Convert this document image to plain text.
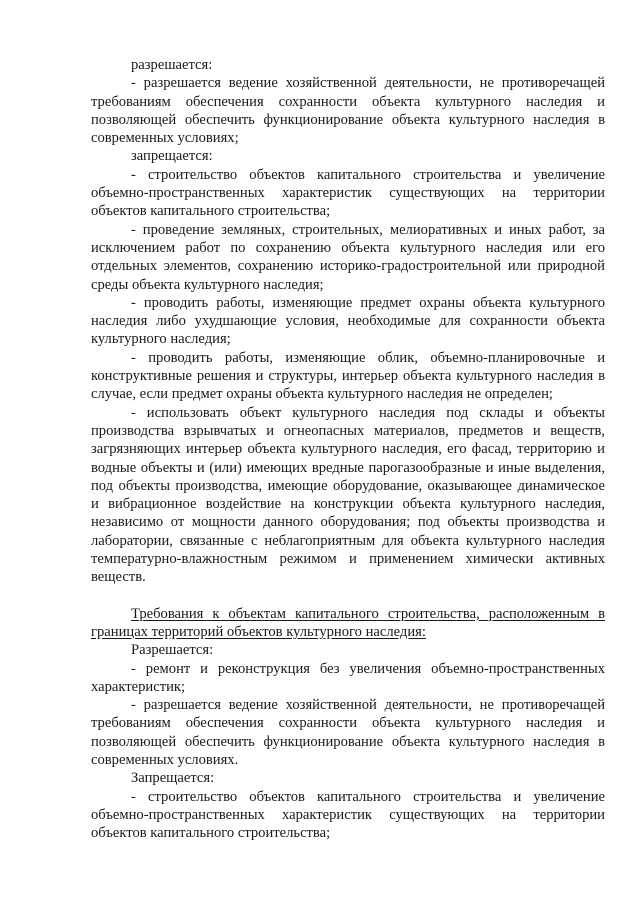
разрешается:

- разрешается ведение хозяйственной деятельности, не противоречащей требованиям обеспечения сохранности объекта культурного наследия и позволяющей обеспечить функционирование объекта культурного наследия в современных условиях;

запрещается:

- строительство объектов капитального строительства и увеличение объемно-пространственных характеристик существующих на территории объектов капитального строительства;

- проведение земляных, строительных, мелиоративных и иных работ, за исключением работ по сохранению объекта культурного наследия или его отдельных элементов, сохранению историко-градостроительной или природной среды объекта культурного наследия;

- проводить работы, изменяющие предмет охраны объекта культурного наследия либо ухудшающие условия, необходимые для сохранности объекта культурного наследия;

- проводить работы, изменяющие облик, объемно-планировочные и конструктивные решения и структуры, интерьер объекта культурного наследия в случае, если предмет охраны объекта культурного наследия не определен;

- использовать объект культурного наследия под склады и объекты производства взрывчатых и огнеопасных материалов, предметов и веществ, загрязняющих интерьер объекта культурного наследия, его фасад, территорию и водные объекты и (или) имеющих вредные парогазообразные и иные выделения, под объекты производства, имеющие оборудование, оказывающее динамическое и вибрационное воздействие на конструкции объекта культурного наследия, независимо от мощности данного оборудования; под объекты производства и лаборатории, связанные с неблагоприятным для объекта культурного наследия температурно-влажностным режимом и применением химически активных веществ.

Требования к объектам капитального строительства, расположенным в границах территорий объектов культурного наследия:

Разрешается:

- ремонт и реконструкция без увеличения объемно-пространственных характеристик;

- разрешается ведение хозяйственной деятельности, не противоречащей требованиям обеспечения сохранности объекта культурного наследия и позволяющей обеспечить функционирование объекта культурного наследия в современных условиях.

Запрещается:

- строительство объектов капитального строительства и увеличение объемно-пространственных характеристик существующих на территории объектов капитального строительства;
